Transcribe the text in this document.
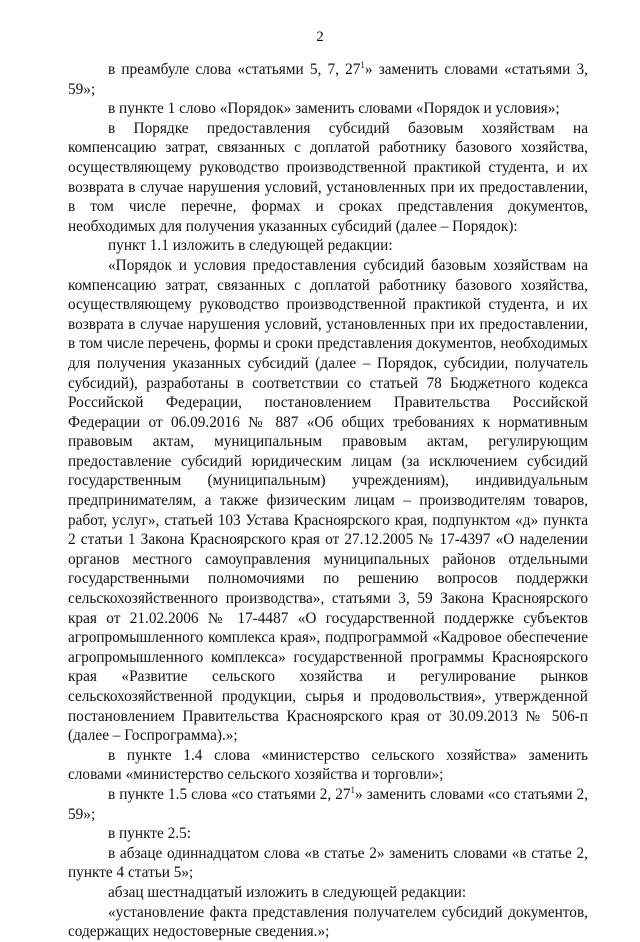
2

в преамбуле слова «статьями 5, 7, $27^1$» заменить словами «статьями 3, 59»;

в пункте 1 слово «Порядок» заменить словами «Порядок и условия»;

в Порядке предоставления субсидий базовым хозяйствам на компенсацию затрат, связанных с доплатой работнику базового хозяйства, осуществляющему руководство производственной практикой студента, и их возврата в случае нарушения условий, установленных при их предоставлении, в том числе перечне, формах и сроках представления документов, необходимых для получения указанных субсидий (далее – Порядок):

пункт 1.1 изложить в следующей редакции:

«Порядок и условия предоставления субсидий базовым хозяйствам на компенсацию затрат, связанных с доплатой работнику базового хозяйства, осуществляющему руководство производственной практикой студента, и их возврата в случае нарушения условий, установленных при их предоставлении, в том числе перечень, формы и сроки представления документов, необходимых для получения указанных субсидий (далее – Порядок, субсидии, получатель субсидий), разработаны в соответствии со статьей 78 Бюджетного кодекса Российской Федерации, постановлением Правительства Российской Федерации от 06.09.2016 № 887 «Об общих требованиях к нормативным правовым актам, муниципальным правовым актам, регулирующим предоставление субсидий юридическим лицам (за исключением субсидий государственным (муниципальным) учреждениям), индивидуальным предпринимателям, а также физическим лицам – производителям товаров, работ, услуг», статьей 103 Устава Красноярского края, подпунктом «д» пункта 2 статьи 1 Закона Красноярского края от 27.12.2005 № 17-4397 «О наделении органов местного самоуправления муниципальных районов отдельными государственными полномочиями по решению вопросов поддержки сельскохозяйственного производства», статьями 3, 59 Закона Красноярского края от 21.02.2006 № 17-4487 «О государственной поддержке субъектов агропромышленного комплекса края», подпрограммой «Кадровое обеспечение агропромышленного комплекса» государственной программы Красноярского края «Развитие сельского хозяйства и регулирование рынков сельскохозяйственной продукции, сырья и продовольствия», утвержденной постановлением Правительства Красноярского края от 30.09.2013 № 506-п (далее – Госпрограмма).»;

в пункте 1.4 слова «министерство сельского хозяйства» заменить словами «министерство сельского хозяйства и торговли»;

в пункте 1.5 слова «со статьями 2, $27^1$» заменить словами «со статьями 2, 59»;

в пункте 2.5:

в абзаце одиннадцатом слова «в статье 2» заменить словами «в статье 2, пункте 4 статьи 5»;

абзац шестнадцатый изложить в следующей редакции:

«установление факта представления получателем субсидий документов, содержащих недостоверные сведения.»;
